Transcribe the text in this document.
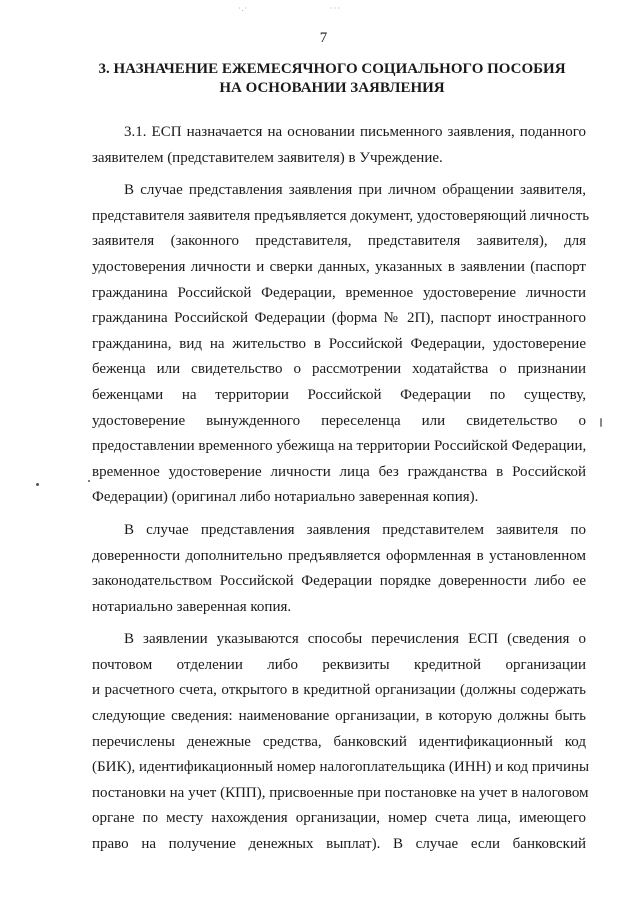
·.·	···
7
3. НАЗНАЧЕНИЕ ЕЖЕМЕСЯЧНОГО СОЦИАЛЬНОГО ПОСОБИЯ
НА ОСНОВАНИИ ЗАЯВЛЕНИЯ
3.1. ЕСП назначается на основании письменного заявления, поданного
заявителем (представителем заявителя) в Учреждение.
В случае представления заявления при личном обращении заявителя,
представителя заявителя предъявляется документ, удостоверяющий личность
заявителя (законного представителя, представителя заявителя), для
удостоверения личности и сверки данных, указанных в заявлении (паспорт
гражданина Российской Федерации, временное удостоверение личности
гражданина Российской Федерации (форма № 2П), паспорт иностранного
гражданина, вид на жительство в Российской Федерации, удостоверение
беженца или свидетельство о рассмотрении ходатайства о признании
беженцами на территории Российской Федерации по существу,
удостоверение вынужденного переселенца или свидетельство о
предоставлении временного убежища на территории Российской Федерации,
временное удостоверение личности лица без гражданства в Российской
Федерации) (оригинал либо нотариально заверенная копия).
В случае представления заявления представителем заявителя по
доверенности дополнительно предъявляется оформленная в установленном
законодательством Российской Федерации порядке доверенности либо ее
нотариально заверенная копия.
В заявлении указываются способы перечисления ЕСП (сведения о
почтовом отделении либо реквизиты кредитной организации
и расчетного счета, открытого в кредитной организации (должны содержать
следующие сведения: наименование организации, в которую должны быть
перечислены денежные средства, банковский идентификационный код
(БИК), идентификационный номер налогоплательщика (ИНН) и код причины
постановки на учет (КПП), присвоенные при постановке на учет в налоговом
органе по месту нахождения организации, номер счета лица, имеющего
право на получение денежных выплат). В случае если банковский
